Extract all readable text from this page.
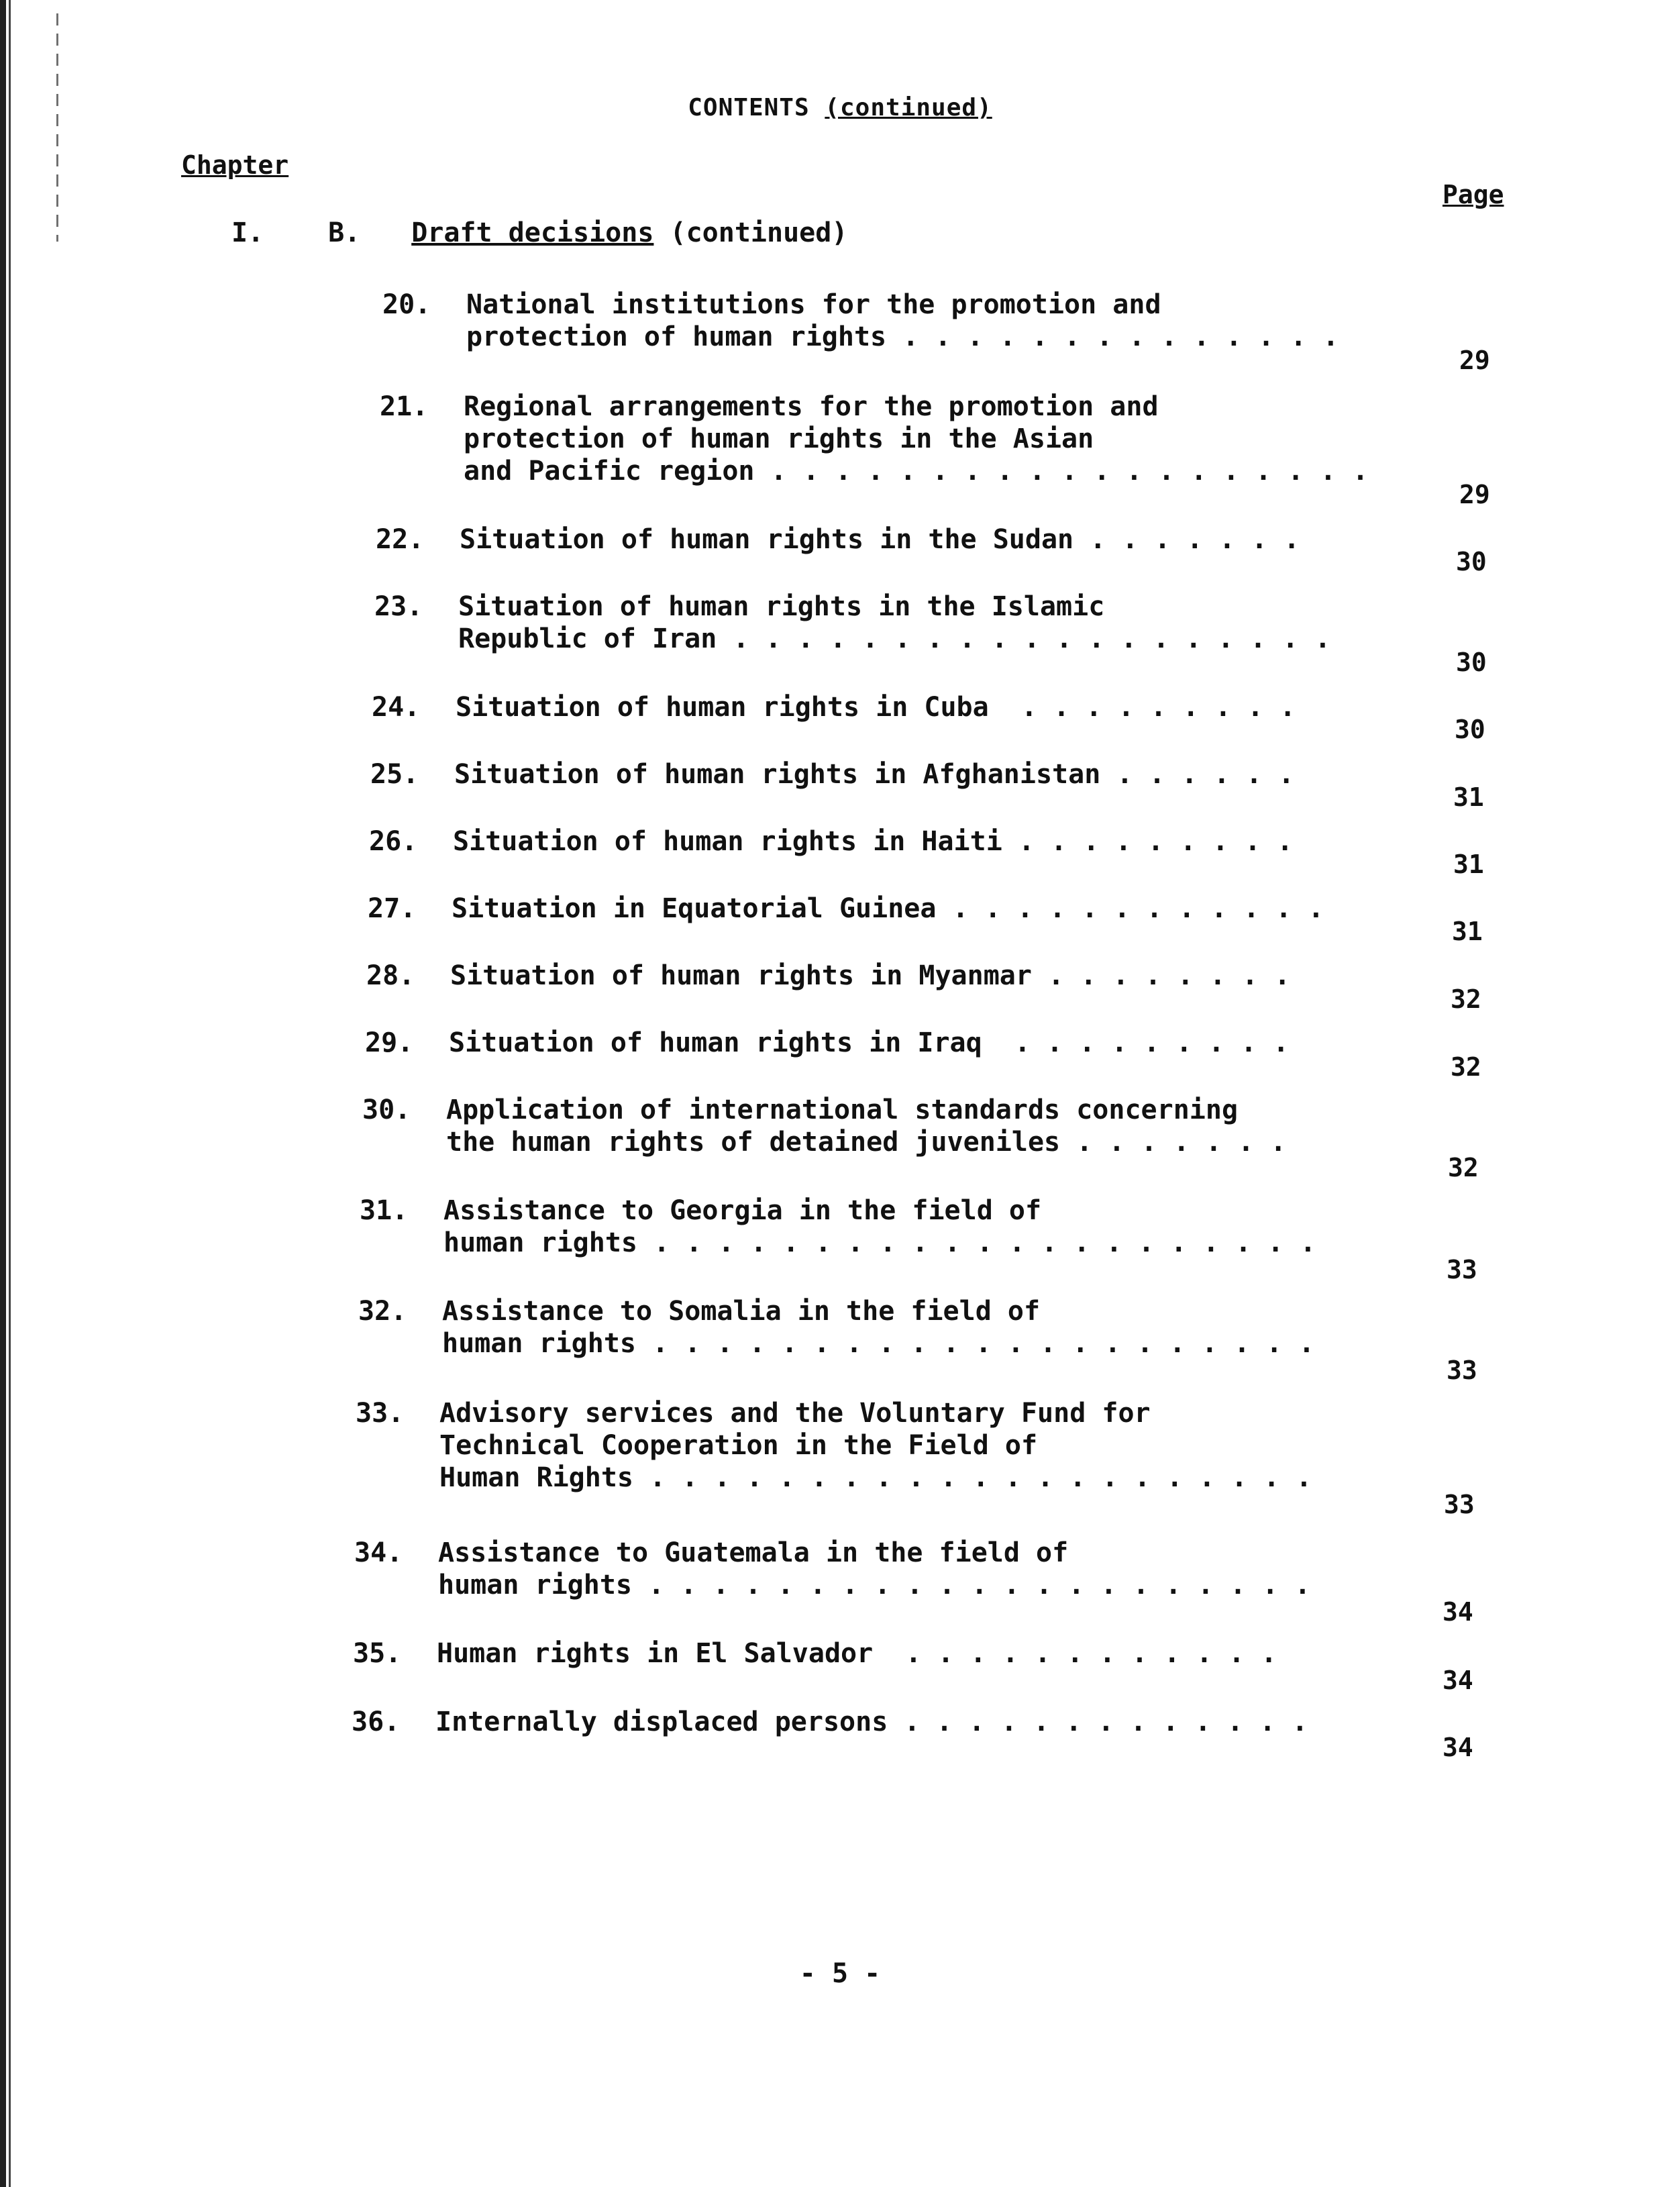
CONTENTS (continued)
Chapter
Page
I. B. Draft decisions (continued)
20. National institutions for the promotion and
protection of human rights . . . . . . . . . . . . . .
29
21. Regional arrangements for the promotion and
protection of human rights in the Asian
and Pacific region . . . . . . . . . . . . . . . . . . .
29
22. Situation of human rights in the Sudan . . . . . . .
30
23. Situation of human rights in the Islamic
Republic of Iran . . . . . . . . . . . . . . . . . . .
30
24. Situation of human rights in Cuba  . . . . . . . . .
30
25. Situation of human rights in Afghanistan . . . . . .
31
26. Situation of human rights in Haiti . . . . . . . . .
31
27. Situation in Equatorial Guinea . . . . . . . . . . . .
31
28. Situation of human rights in Myanmar . . . . . . . .
32
29. Situation of human rights in Iraq  . . . . . . . . .
32
30. Application of international standards concerning
the human rights of detained juveniles . . . . . . .
32
31. Assistance to Georgia in the field of
human rights . . . . . . . . . . . . . . . . . . . . .
33
32. Assistance to Somalia in the field of
human rights . . . . . . . . . . . . . . . . . . . . .
33
33. Advisory services and the Voluntary Fund for
Technical Cooperation in the Field of
Human Rights . . . . . . . . . . . . . . . . . . . . .
33
34. Assistance to Guatemala in the field of
human rights . . . . . . . . . . . . . . . . . . . . .
34
35. Human rights in El Salvador  . . . . . . . . . . . .
34
36. Internally displaced persons . . . . . . . . . . . . .
34
- 5 -
